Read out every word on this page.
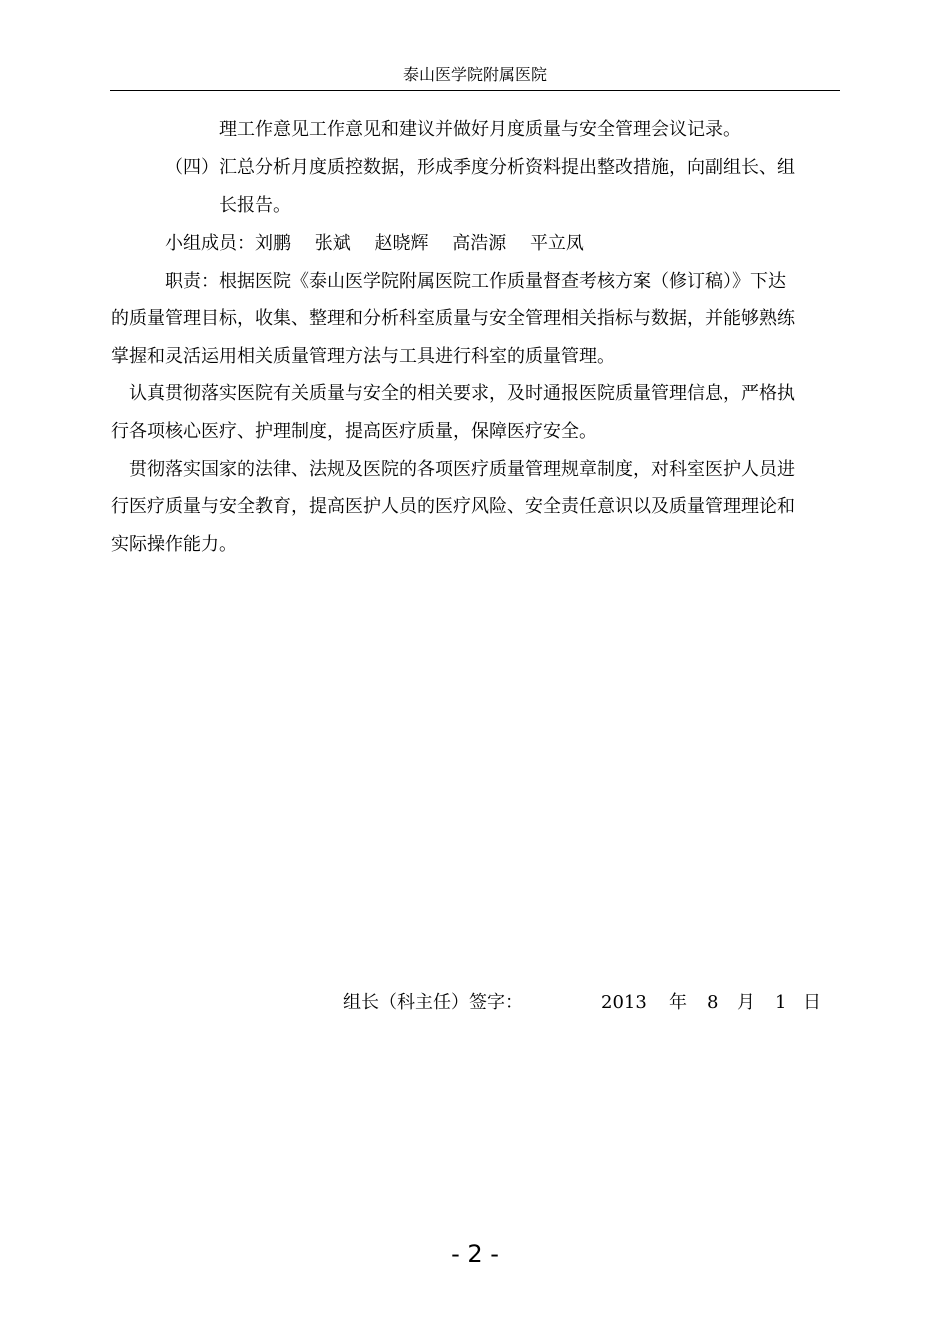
泰山医学院附属医院
理工作意见工作意见和建议并做好月度质量与安全管理会议记录。
（四）汇总分析月度质控数据，形成季度分析资料提出整改措施，向副组长、组
长报告。
小组成员：刘鹏 张斌 赵晓辉 高浩源 平立凤
职责：根据医院《泰山医学院附属医院工作质量督查考核方案（修订稿）》下达
的质量管理目标，收集、整理和分析科室质量与安全管理相关指标与数据，并能够熟练
掌握和灵活运用相关质量管理方法与工具进行科室的质量管理。
认真贯彻落实医院有关质量与安全的相关要求，及时通报医院质量管理信息，严格执
行各项核心医疗、护理制度，提高医疗质量，保障医疗安全。
贯彻落实国家的法律、法规及医院的各项医疗质量管理规章制度，对科室医护人员进
行医疗质量与安全教育，提高医护人员的医疗风险、安全责任意识以及质量管理理论和
实际操作能力。
组长（科主任）签字：	2013 年 8 月 1 日
- 2 -
